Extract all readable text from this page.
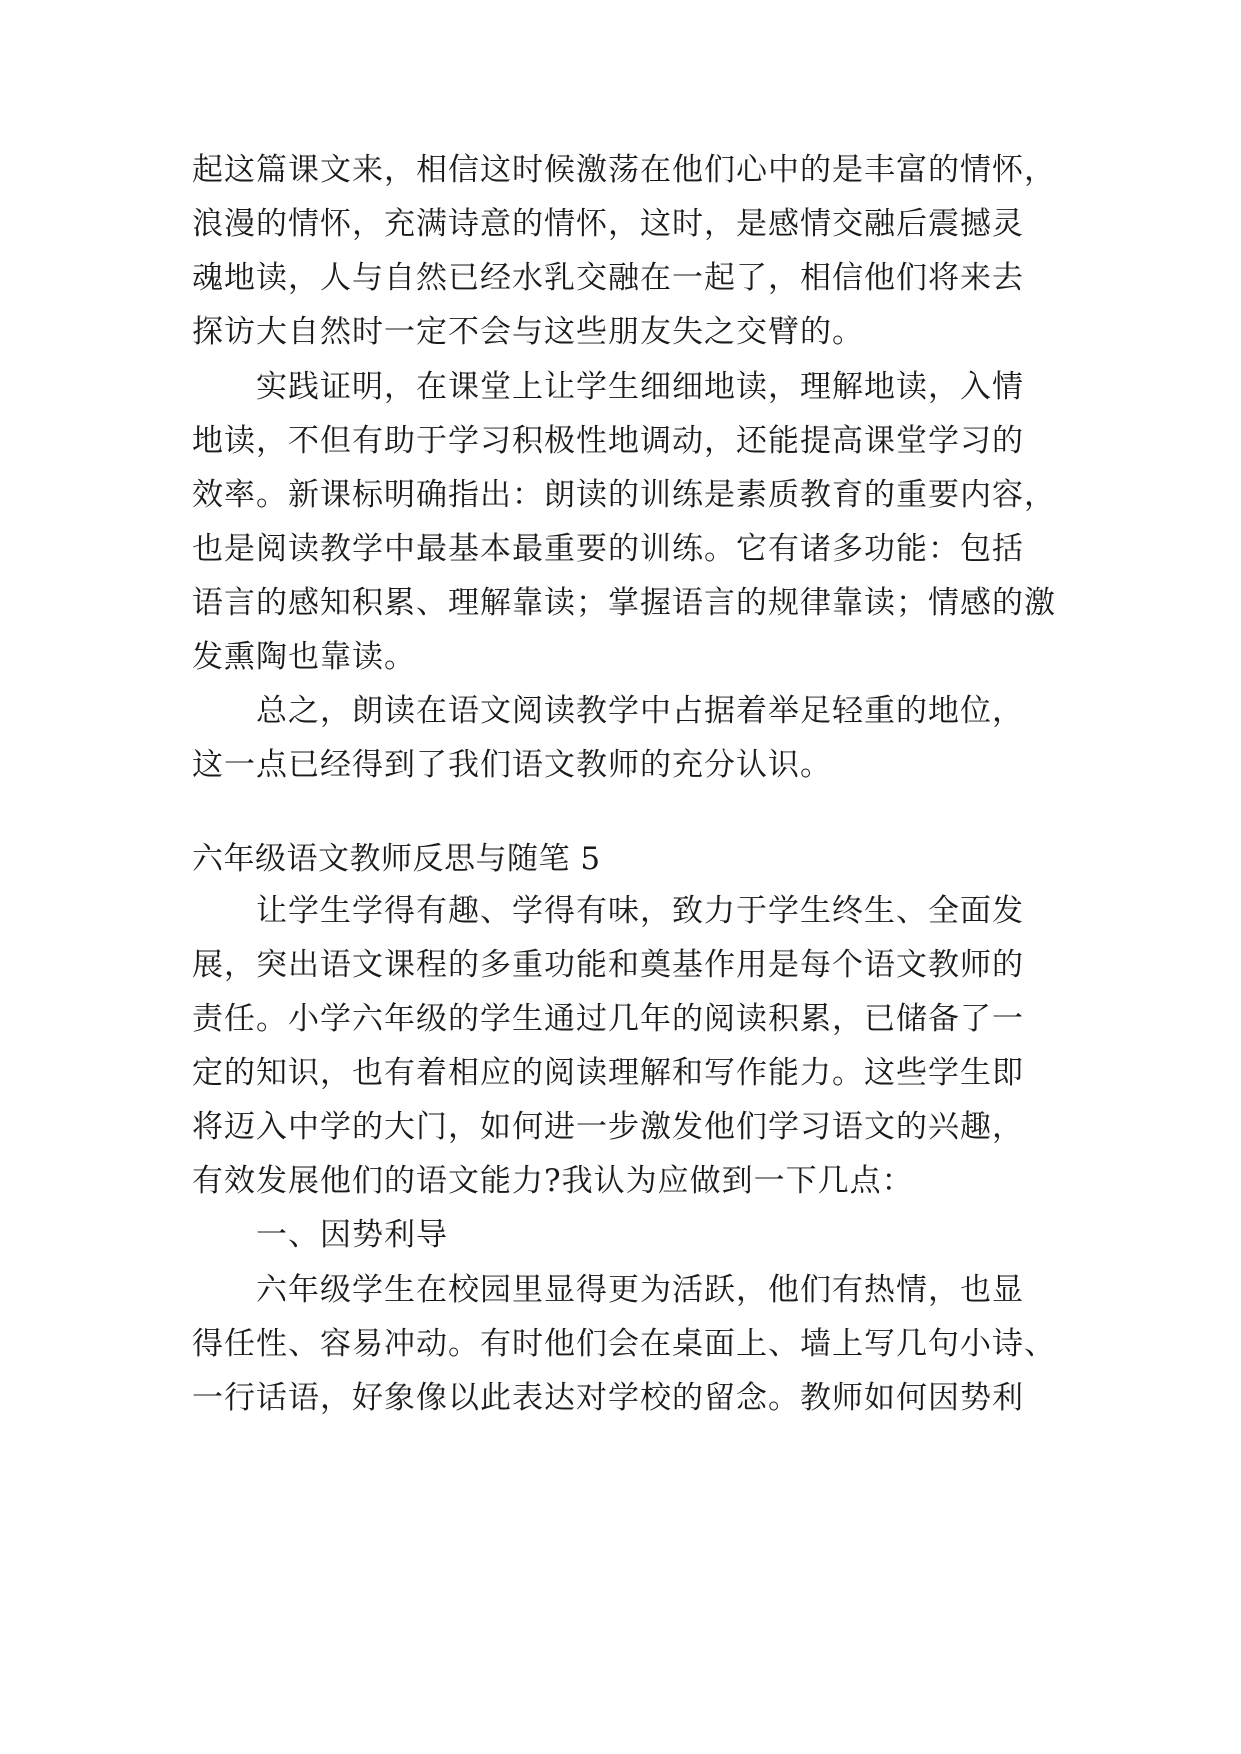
起这篇课文来，相信这时候激荡在他们心中的是丰富的情怀，
浪漫的情怀，充满诗意的情怀，这时，是感情交融后震撼灵
魂地读，人与自然已经水乳交融在一起了，相信他们将来去
探访大自然时一定不会与这些朋友失之交臂的。
实践证明，在课堂上让学生细细地读，理解地读，入情
地读，不但有助于学习积极性地调动，还能提高课堂学习的
效率。新课标明确指出：朗读的训练是素质教育的重要内容，
也是阅读教学中最基本最重要的训练。它有诸多功能：包括
语言的感知积累、理解靠读；掌握语言的规律靠读；情感的激
发熏陶也靠读。
总之，朗读在语文阅读教学中占据着举足轻重的地位，
这一点已经得到了我们语文教师的充分认识。
六年级语文教师反思与随笔 5
让学生学得有趣、学得有味，致力于学生终生、全面发
展，突出语文课程的多重功能和奠基作用是每个语文教师的
责任。小学六年级的学生通过几年的阅读积累，已储备了一
定的知识，也有着相应的阅读理解和写作能力。这些学生即
将迈入中学的大门，如何进一步激发他们学习语文的兴趣，
有效发展他们的语文能力?我认为应做到一下几点：
一、因势利导
六年级学生在校园里显得更为活跃，他们有热情，也显
得任性、容易冲动。有时他们会在桌面上、墙上写几句小诗、
一行话语，好象像以此表达对学校的留念。教师如何因势利
